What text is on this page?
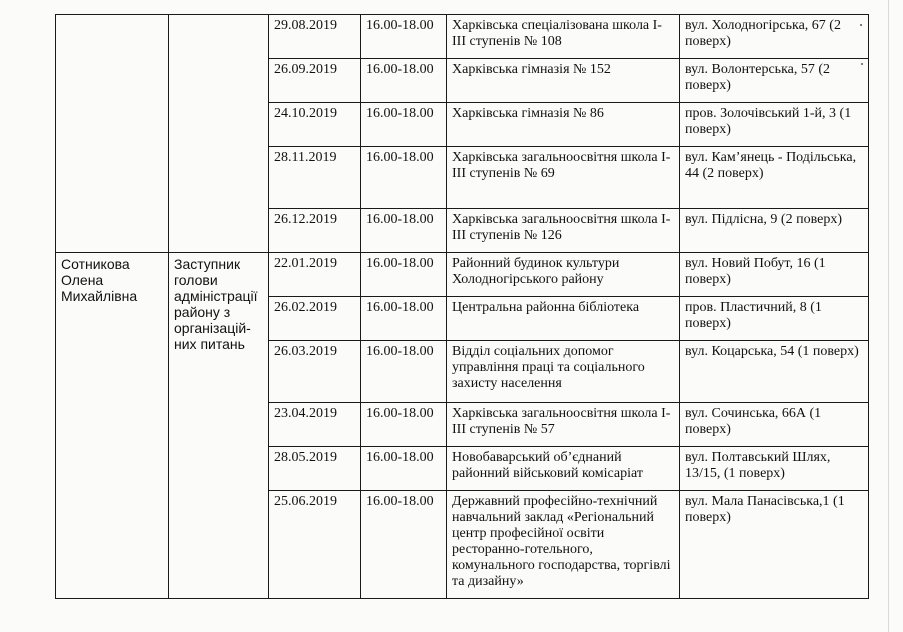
		29.08.2019	16.00-18.00	Харківська спеціалізована школа І-ІІІ ступенів № 108	вул. Холодногірська, 67 (2 поверх)
		26.09.2019	16.00-18.00	Харківська гімназія № 152	вул. Волонтерська, 57 (2 поверх)
		24.10.2019	16.00-18.00	Харківська гімназія № 86	пров. Золочівський 1-й, 3 (1 поверх)
		28.11.2019	16.00-18.00	Харківська загальноосвітня школа І-ІІІ ступенів № 69	вул. Кам’янець - Подільська, 44 (2 поверх)
		26.12.2019	16.00-18.00	Харківська загальноосвітня школа І-ІІІ ступенів № 126	вул. Підлісна, 9 (2 поверх)
Сотникова
Олена
Михайлівна	Заступник голови адміністрації району з організацій-них питань	22.01.2019	16.00-18.00	Районний будинок культури Холодногірського району	вул. Новий Побут, 16 (1 поверх)
		26.02.2019	16.00-18.00	Центральна районна бібліотека	пров. Пластичний, 8 (1 поверх)
		26.03.2019	16.00-18.00	Відділ соціальних допомог управління праці та соціального захисту населення	вул. Коцарська, 54 (1 поверх)
		23.04.2019	16.00-18.00	Харківська загальноосвітня школа І-ІІІ ступенів № 57	вул. Сочинська, 66А (1 поверх)
		28.05.2019	16.00-18.00	Новобаварський об’єднаний районний військовий комісаріат	вул. Полтавський Шлях, 13/15, (1 поверх)
		25.06.2019	16.00-18.00	Державний професійно-технічний навчальний заклад «Регіональний центр професійної освіти ресторанно-готельного, комунального господарства, торгівлі та дизайну»	вул. Мала Панасівська,1 (1 поверх)
